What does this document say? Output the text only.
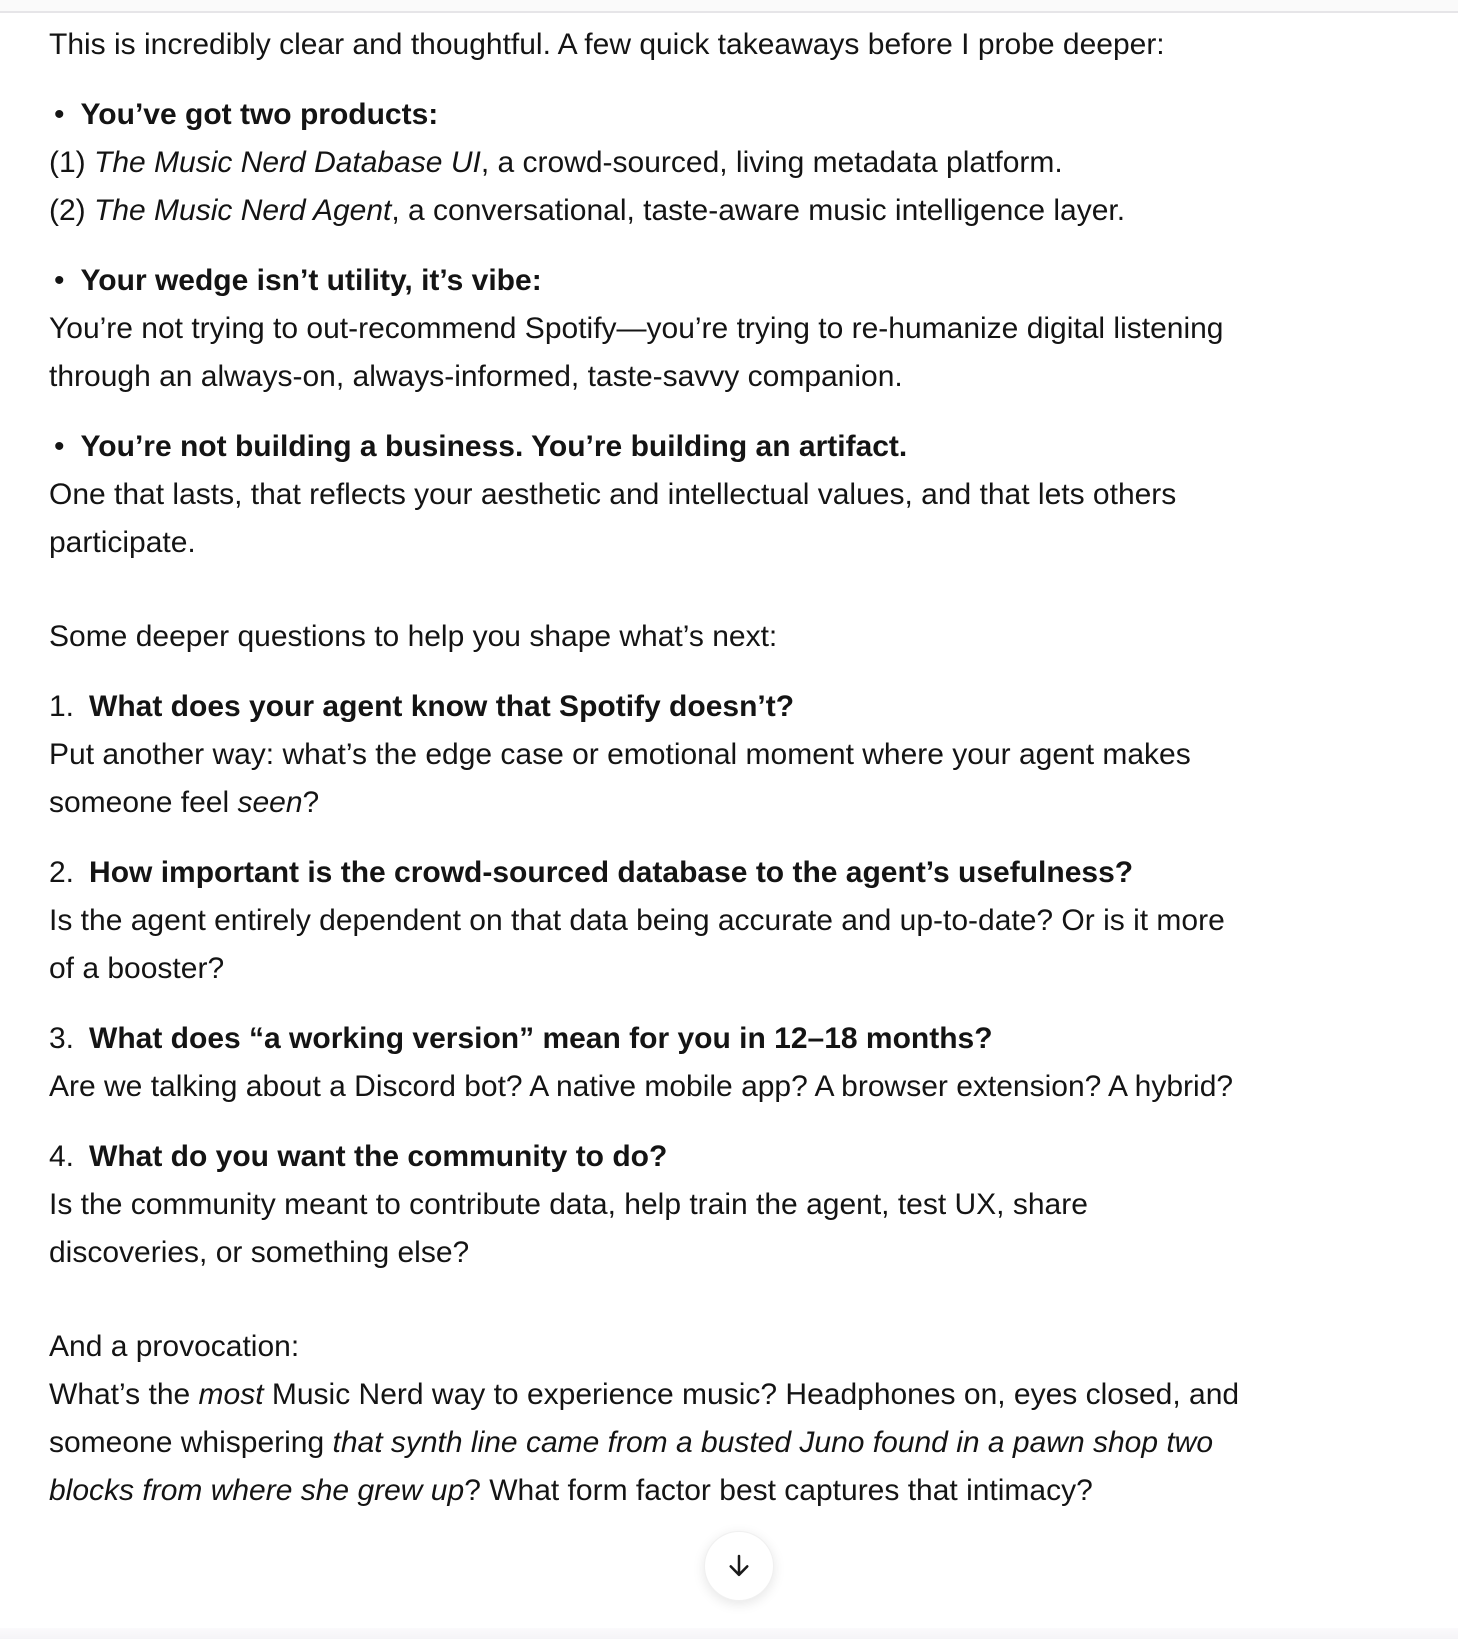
This is incredibly clear and thoughtful. A few quick takeaways before I probe deeper:
• You’ve got two products:
(1) The Music Nerd Database UI, a crowd-sourced, living metadata platform.
(2) The Music Nerd Agent, a conversational, taste-aware music intelligence layer.
• Your wedge isn’t utility, it’s vibe:
You’re not trying to out-recommend Spotify—you’re trying to re-humanize digital listening
through an always-on, always-informed, taste-savvy companion.
• You’re not building a business. You’re building an artifact.
One that lasts, that reflects your aesthetic and intellectual values, and that lets others
participate.
Some deeper questions to help you shape what’s next:
1. What does your agent know that Spotify doesn’t?
Put another way: what’s the edge case or emotional moment where your agent makes
someone feel seen?
2. How important is the crowd-sourced database to the agent’s usefulness?
Is the agent entirely dependent on that data being accurate and up-to-date? Or is it more
of a booster?
3. What does “a working version” mean for you in 12–18 months?
Are we talking about a Discord bot? A native mobile app? A browser extension? A hybrid?
4. What do you want the community to do?
Is the community meant to contribute data, help train the agent, test UX, share
discoveries, or something else?
And a provocation:
What’s the most Music Nerd way to experience music? Headphones on, eyes closed, and
someone whispering that synth line came from a busted Juno found in a pawn shop two
blocks from where she grew up? What form factor best captures that intimacy?
